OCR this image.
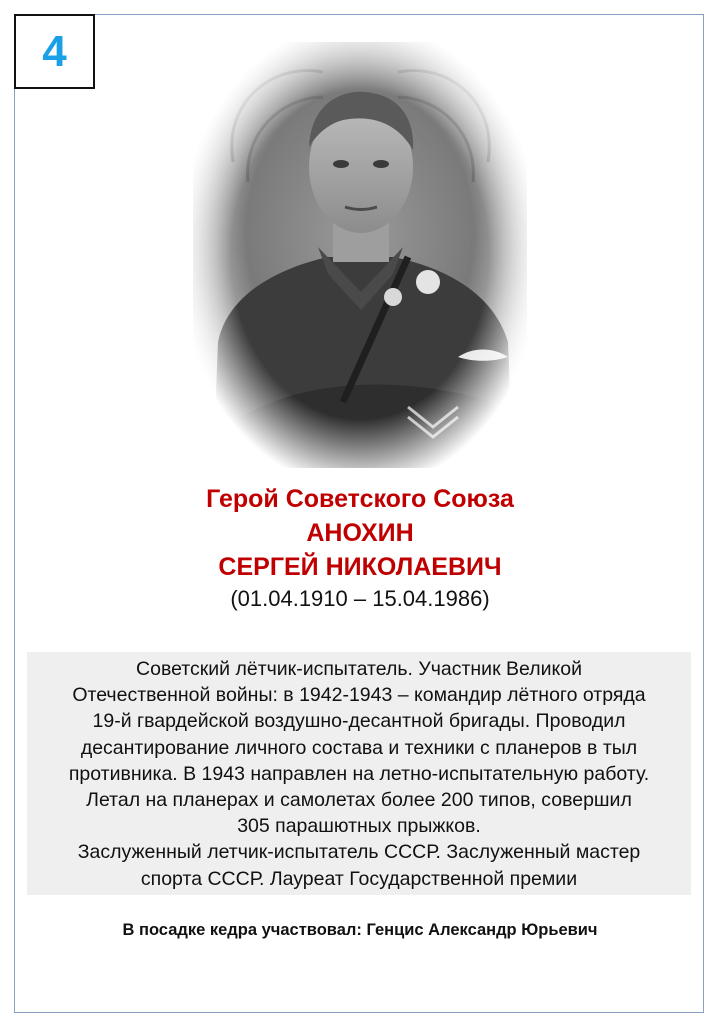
4

Герой Советского Союза

АНОХИН

СЕРГЕЙ НИКОЛАЕВИЧ

(01.04.1910 – 15.04.1986)

Советский лётчик-испытатель. Участник Великой

Отечественной войны: в 1942-1943 – командир лётного отряда

19-й гвардейской воздушно-десантной бригады. Проводил

десантирование личного состава и техники с планеров в тыл

противника. В 1943 направлен на летно-испытательную работу.

Летал на планерах и самолетах более 200 типов, совершил

305 парашютных прыжков.

Заслуженный летчик-испытатель СССР. Заслуженный мастер

спорта СССР. Лауреат Государственной премии

В посадке кедра участвовал: Генцис Александр Юрьевич
